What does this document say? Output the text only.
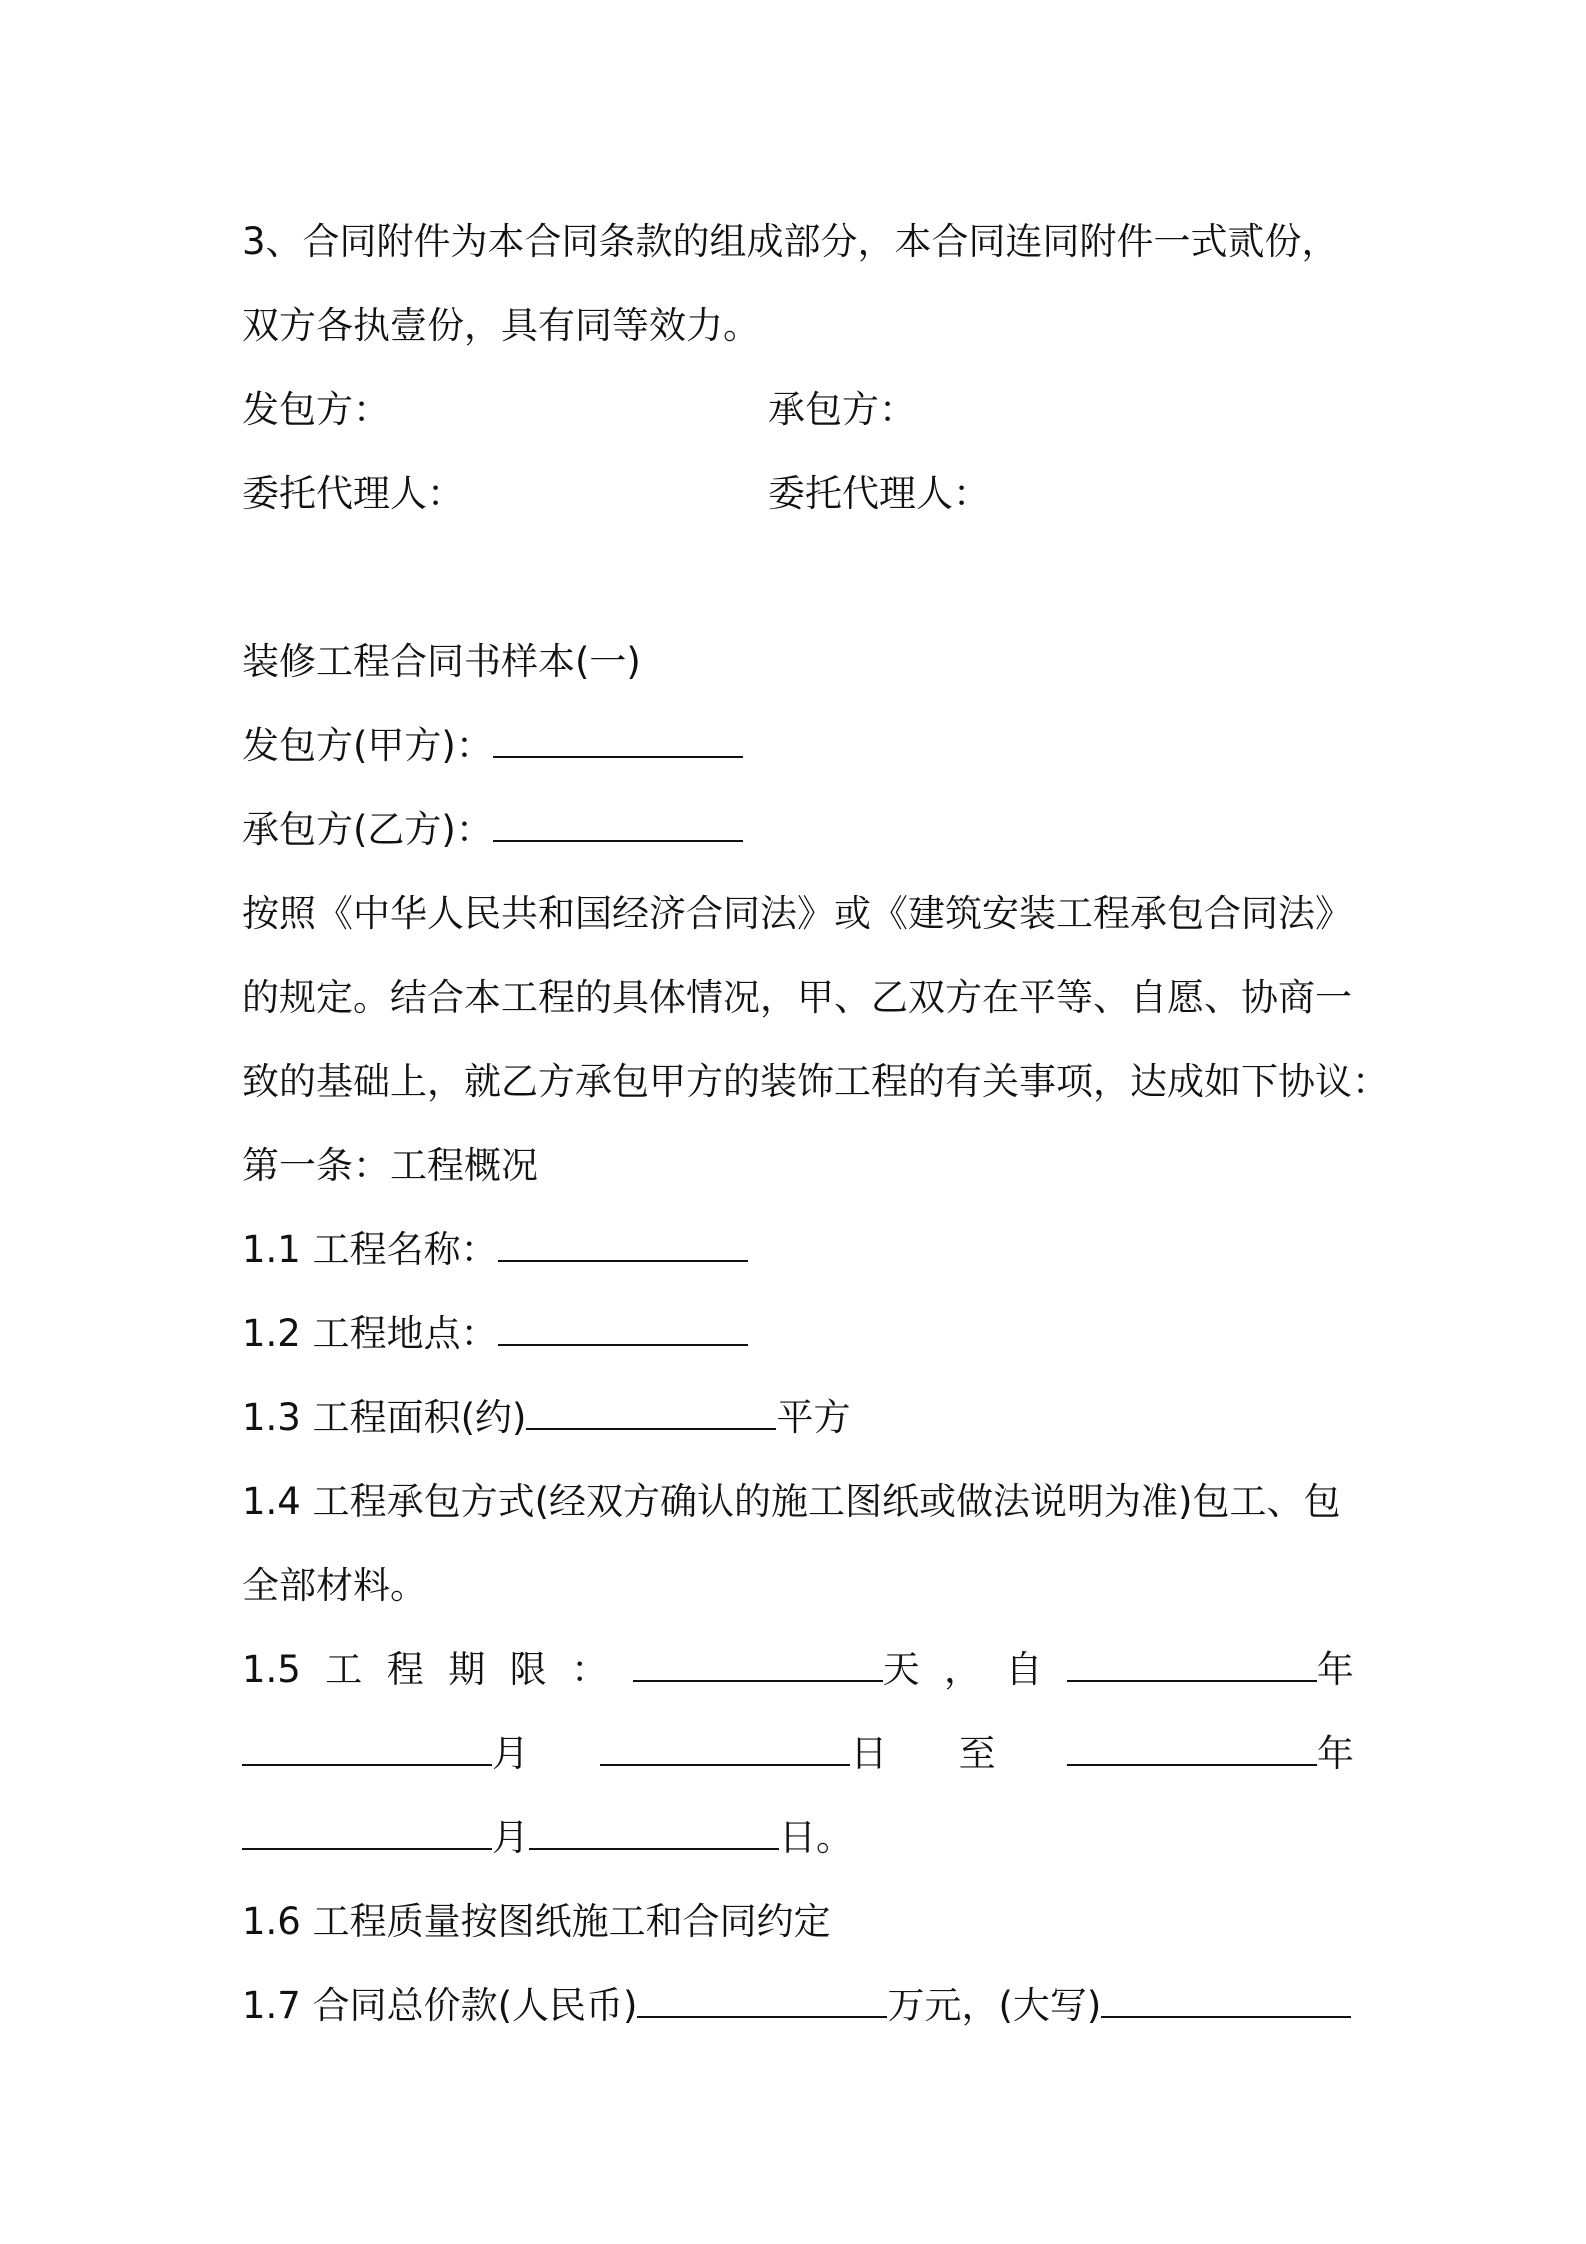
3、合同附件为本合同条款的组成部分，本合同连同附件一式贰份，
双方各执壹份，具有同等效力。
发包方：	承包方：
委托代理人：	委托代理人：
装修工程合同书样本(一)
发包方(甲方)：
承包方(乙方)：
按照《中华人民共和国经济合同法》或《建筑安装工程承包合同法》
的规定。结合本工程的具体情况，甲、乙双方在平等、自愿、协商一
致的基础上，就乙方承包甲方的装饰工程的有关事项，达成如下协议：
第一条：工程概况
1.1 工程名称：
1.2 工程地点：
1.3 工程面积(约)	平方
1.4 工程承包方式(经双方确认的施工图纸或做法说明为准)包工、包
全部材料。
1.5 工 程 期 限 ：	天 ， 自	年
月	日 至	年
月	日。
1.6 工程质量按图纸施工和合同约定
1.7 合同总价款(人民币)	万元，(大写)
